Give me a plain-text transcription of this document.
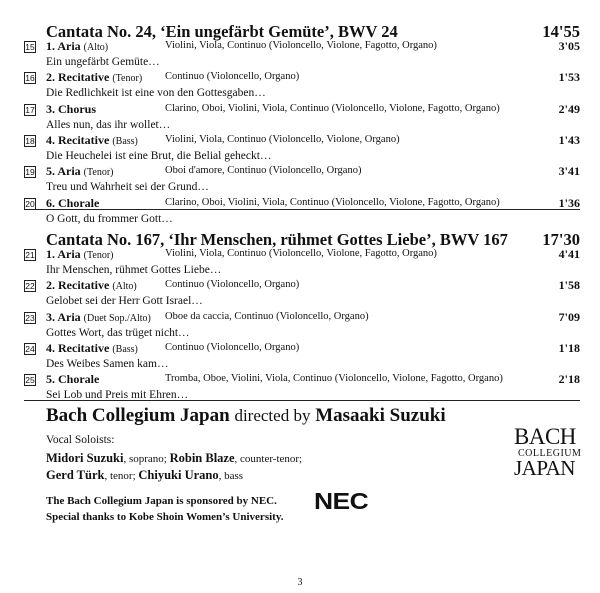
Cantata No. 24, ‘Ein ungefärbt Gemüte’, BWV 24	14'55
15 1. Aria (Alto)	Violini, Viola, Continuo (Violoncello, Violone, Fagotto, Organo)	3'05
Ein ungefärbt Gemüte…
16 2. Recitative (Tenor) Continuo (Violoncello, Organo)	1'53
Die Redlichkeit ist eine von den Gottesgaben…
17 3. Chorus	Clarino, Oboi, Violini, Viola, Continuo (Violoncello, Violone, Fagotto, Organo)	2'49
Alles nun, das ihr wollet…
18 4. Recitative (Bass)	Violini, Viola, Continuo (Violoncello, Violone, Organo)	1'43
Die Heuchelei ist eine Brut, die Belial geheckt…
19 5. Aria (Tenor)	Oboi d'amore, Continuo (Violoncello, Organo)	3'41
Treu und Wahrheit sei der Grund…
20 6. Chorale	Clarino, Oboi, Violini, Viola, Continuo (Violoncello, Violone, Fagotto, Organo)	1'36
O Gott, du frommer Gott…
Cantata No. 167, ‘Ihr Menschen, rühmet Gottes Liebe’, BWV 167 17'30
21 1. Aria (Tenor)	Violini, Viola, Continuo (Violoncello, Violone, Fagotto, Organo)	4'41
Ihr Menschen, rühmet Gottes Liebe…
22 2. Recitative (Alto)	Continuo (Violoncello, Organo)	1'58
Gelobet sei der Herr Gott Israel…
23 3. Aria (Duet Sop./Alto) Oboe da caccia, Continuo (Violoncello, Organo)	7'09
Gottes Wort, das trüget nicht…
24 4. Recitative (Bass)	Continuo (Violoncello, Organo)	1'18
Des Weibes Samen kam…
25 5. Chorale	Tromba, Oboe, Violini, Viola, Continuo (Violoncello, Violone, Fagotto, Organo)	2'18
Sei Lob und Preis mit Ehren…
Bach Collegium Japan directed by Masaaki Suzuki
Vocal Soloists:
Midori Suzuki, soprano; Robin Blaze, counter-tenor;
Gerd Türk, tenor; Chiyuki Urano, bass
The Bach Collegium Japan is sponsored by NEC.
Special thanks to Kobe Shoin Women’s University.
NEC
BACH
COLLEGIUM
JAPAN
3
